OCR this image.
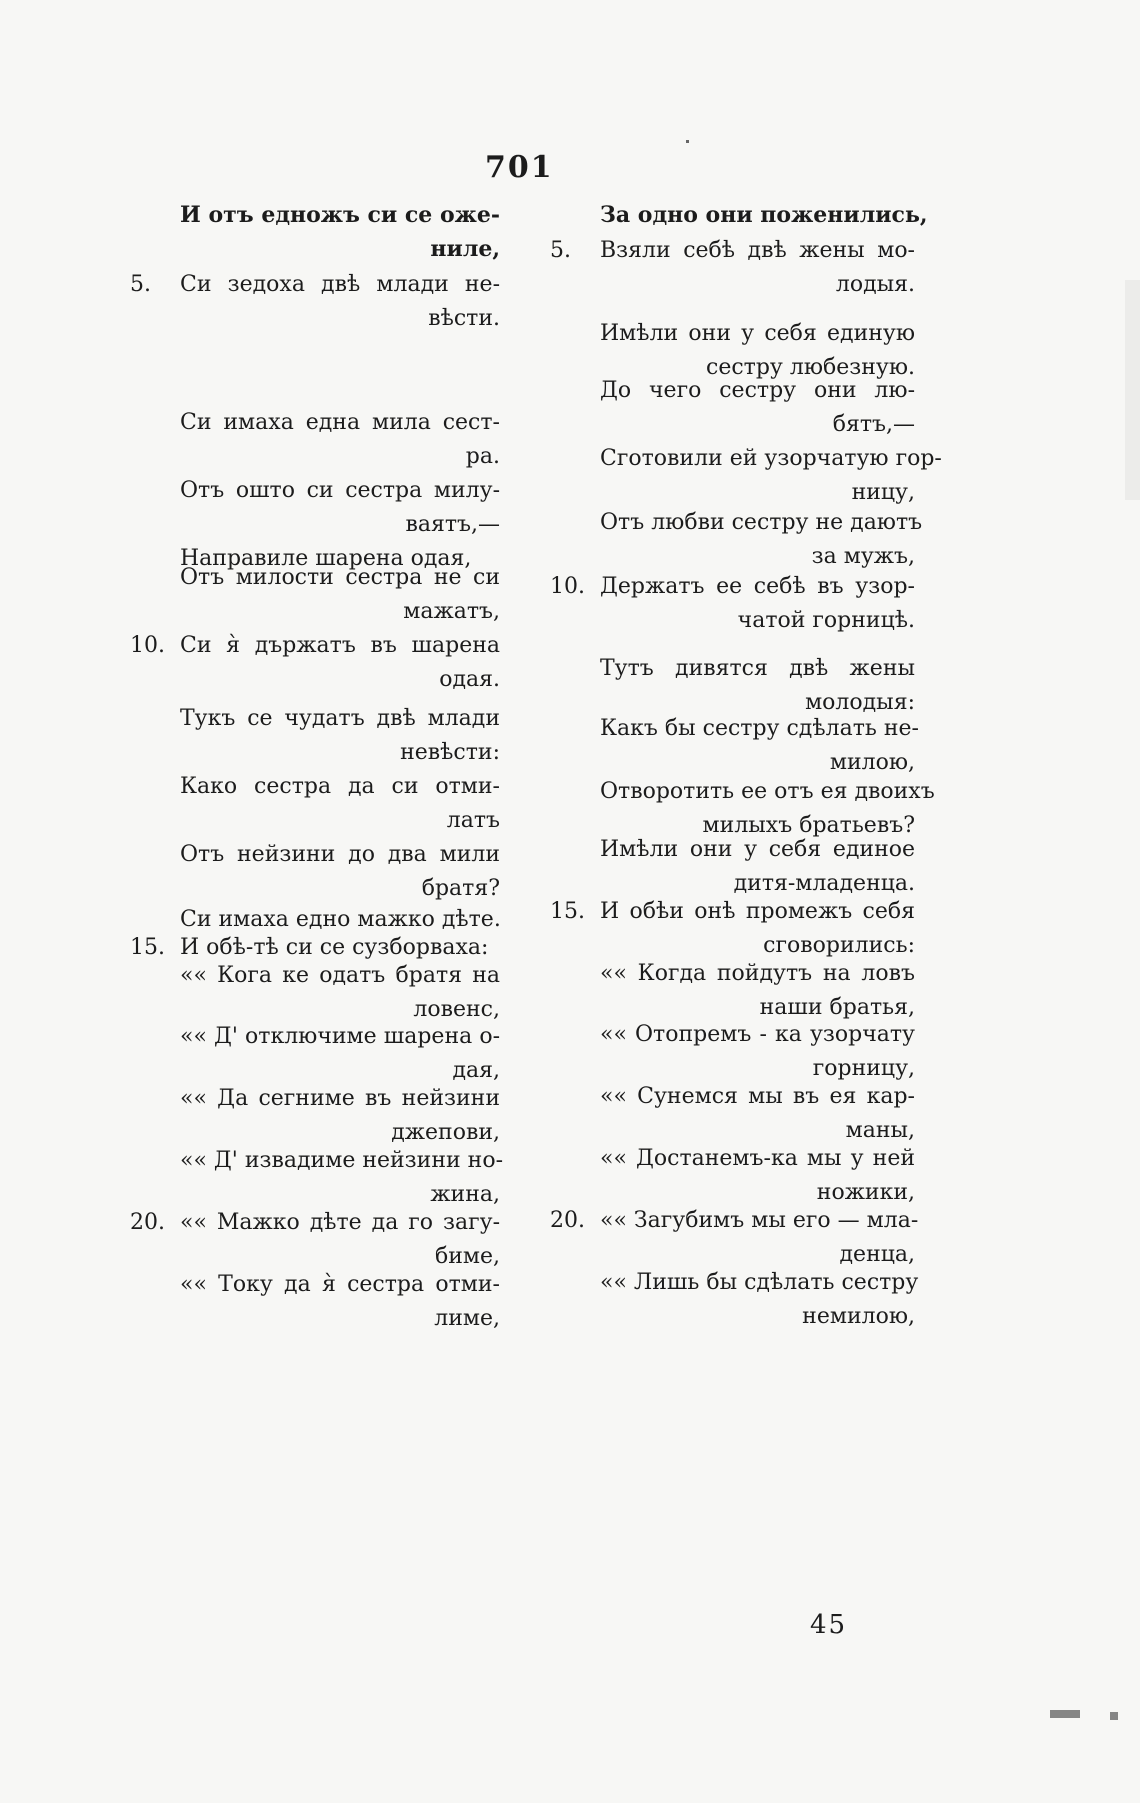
701
И отъ едножъ си се оже-
ниле,
5.	Си зедоха двѣ млади не-
вѣсти.
Си имаха една мила сест-
ра.
Отъ ошто си сестра милу-
ваятъ,—
Направиле шарена одая,
Отъ милости сестра не си
мажатъ,
10. Си я̀ държатъ въ шарена
одая.
Тукъ се чудатъ двѣ млади
невѣсти:
Како сестра да си отми-
латъ
Отъ нейзини до два мили
братя?
Си имаха едно мажко дѣте.
15. И обѣ-тѣ си се сузборваха:
«« Кога ке одатъ братя на
ловенс,
«« Д' отключиме шарена о-
дая,
«« Да сегниме въ нейзини
джепови,
«« Д' извадиме нейзини но-
жина,
20. «« Мажко дѣте да го загу-
биме,
«« Току да я̀ сестра отми-
лиме,
За одно они поженились,
5.	Взяли себѣ двѣ жены мо-
лодыя.
Имѣли они у себя единую
сестру любезную.
До чего сестру они лю-
бятъ,—
Сготовили ей узорчатую гор-
ницу,
Отъ любви сестру не даютъ
за мужъ,
10. Держатъ ее себѣ въ узор-
чатой горницѣ.
Тутъ дивятся двѣ жены
молодыя:
Какъ бы сестру сдѣлать не-
милою,
Отворотить ее отъ ея двоихъ
милыхъ братьевъ?
Имѣли они у себя единое
дитя-младенца.
15. И обѣи онѣ промежъ себя
сговорились:
«« Когда пойдутъ на ловъ
наши братья,
«« Отопремъ - ка узорчату
горницу,
«« Сунемся мы въ ея кар-
маны,
«« Достанемъ-ка мы у ней
ножики,
20. «« Загубимъ мы его — мла-
денца,
«« Лишь бы сдѣлать сестру
немилою,
45
